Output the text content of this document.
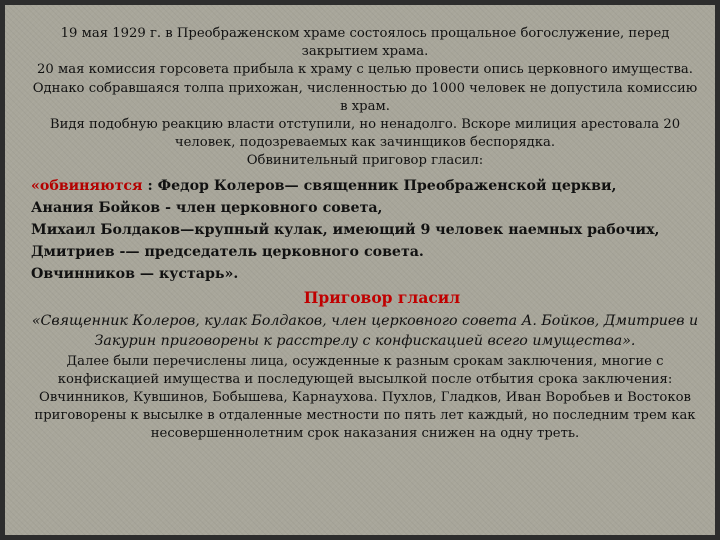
19 мая 1929 г. в Преображенском храме состоялось прощальное богослужение, перед закрытием храма.

20 мая комиссия горсовета прибыла к храму с целью провести опись церковного имущества. Однако собравшаяся толпа прихожан, численностью до 1000 человек не допустила комиссию в храм.

Видя подобную реакцию власти отступили, но ненадолго. Вскоре милиция арестовала 20 человек, подозреваемых как зачинщиков беспорядка.

Обвинительный приговор гласил:

«обвиняются : Федор Колеров— священник Преображенской церкви,
Анания Бойков - член церковного совета,
Михаил Болдаков—крупный кулак, имеющий 9 человек наемных рабочих,
Дмитриев -— председатель церковного совета.
Овчинников — кустарь».
Приговор гласил

«Священник Колеров, кулак Болдаков, член церковного совета А. Бойков, Дмитриев и Закурин приговорены к расстрелу с конфискацией всего имущества».

Далее были перечислены лица, осужденные к разным срокам заключения, многие с конфискацией имущества и последующей высылкой после отбытия срока заключения: Овчинников, Кувшинов, Бобышева, Карнаухова. Пухлов, Гладков, Иван Воробьев и Востоков приговорены к высылке в отдаленные местности по пять лет каждый, но последним трем как несовершеннолетним срок наказания снижен на одну треть.
